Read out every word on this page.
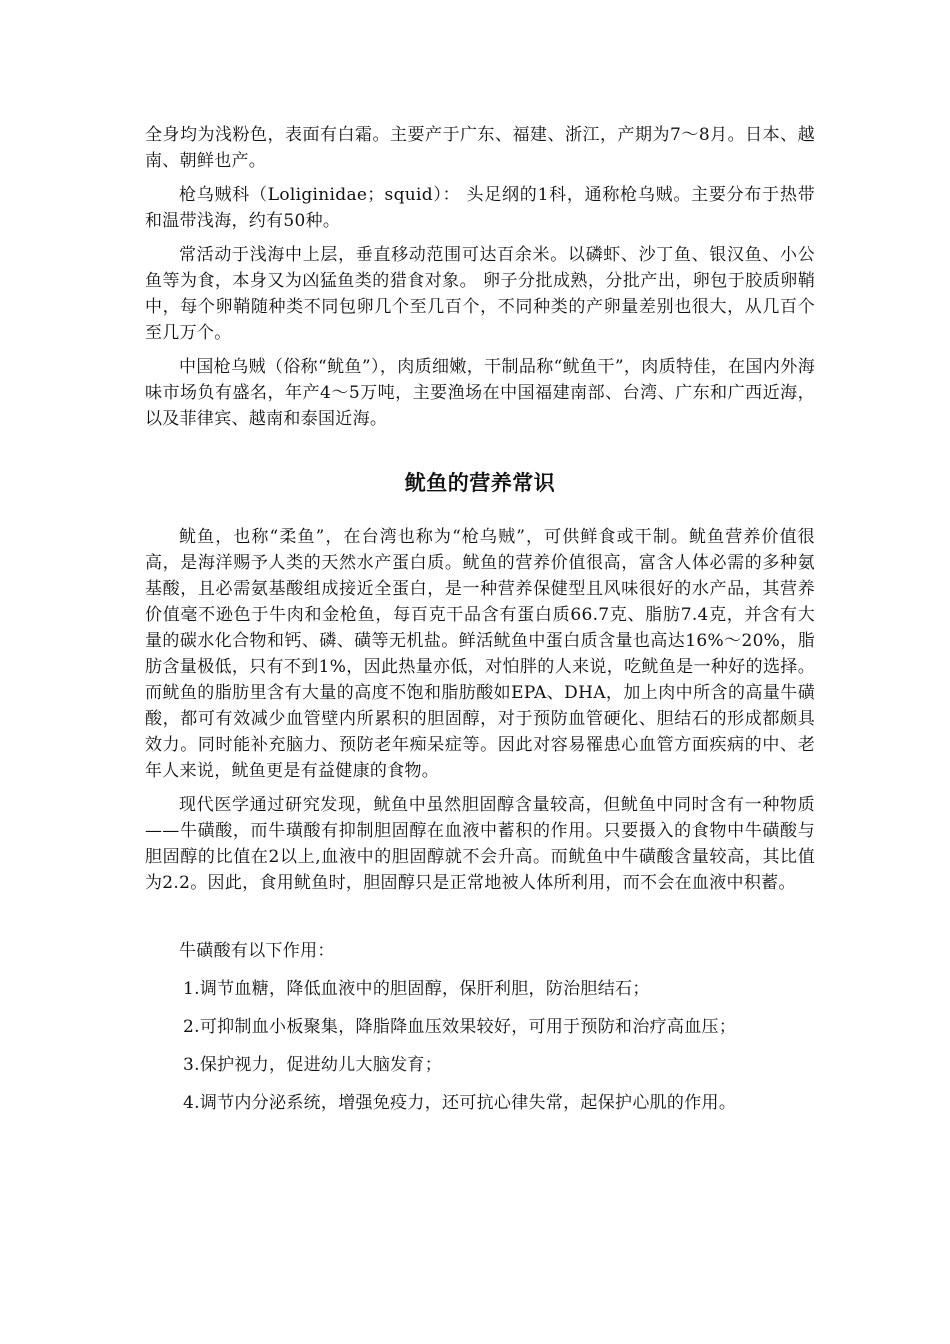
全身均为浅粉色，表面有白霜。主要产于广东、福建、浙江，产期为7～8月。日本、越南、朝鲜也产。

枪乌贼科（Loliginidae；squid）： 头足纲的1科，通称枪乌贼。主要分布于热带和温带浅海，约有50种。

常活动于浅海中上层，垂直移动范围可达百余米。以磷虾、沙丁鱼、银汉鱼、小公鱼等为食，本身又为凶猛鱼类的猎食对象。 卵子分批成熟，分批产出，卵包于胶质卵鞘中，每个卵鞘随种类不同包卵几个至几百个，不同种类的产卵量差别也很大，从几百个至几万个。

中国枪乌贼（俗称“鱿鱼”），肉质细嫩，干制品称“鱿鱼干”，肉质特佳，在国内外海味市场负有盛名，年产4～5万吨，主要渔场在中国福建南部、台湾、广东和广西近海，以及菲律宾、越南和泰国近海。

鱿鱼的营养常识

鱿鱼，也称“柔鱼”，在台湾也称为“枪乌贼”，可供鲜食或干制。鱿鱼营养价值很高，是海洋赐予人类的天然水产蛋白质。鱿鱼的营养价值很高，富含人体必需的多种氨基酸，且必需氨基酸组成接近全蛋白，是一种营养保健型且风味很好的水产品，其营养价值毫不逊色于牛肉和金枪鱼，每百克干品含有蛋白质66.7克、脂肪7.4克，并含有大量的碳水化合物和钙、磷、磺等无机盐。鲜活鱿鱼中蛋白质含量也高达16%～20%，脂肪含量极低，只有不到1%，因此热量亦低，对怕胖的人来说，吃鱿鱼是一种好的选择。而鱿鱼的脂肪里含有大量的高度不饱和脂肪酸如EPA、DHA，加上肉中所含的高量牛磺酸，都可有效减少血管壁内所累积的胆固醇，对于预防血管硬化、胆结石的形成都颇具效力。同时能补充脑力、预防老年痴呆症等。因此对容易罹患心血管方面疾病的中、老年人来说，鱿鱼更是有益健康的食物。

现代医学通过研究发现，鱿鱼中虽然胆固醇含量较高，但鱿鱼中同时含有一种物质——牛磺酸，而牛璜酸有抑制胆固醇在血液中蓄积的作用。只要摄入的食物中牛磺酸与胆固醇的比值在2以上,血液中的胆固醇就不会升高。而鱿鱼中牛磺酸含量较高，其比值为2.2。因此，食用鱿鱼时，胆固醇只是正常地被人体所利用，而不会在血液中积蓄。

牛磺酸有以下作用：

1.调节血糖，降低血液中的胆固醇，保肝利胆，防治胆结石；
2.可抑制血小板聚集，降脂降血压效果较好，可用于预防和治疗高血压；
3.保护视力，促进幼儿大脑发育；
4.调节内分泌系统，增强免疫力，还可抗心律失常，起保护心肌的作用。
